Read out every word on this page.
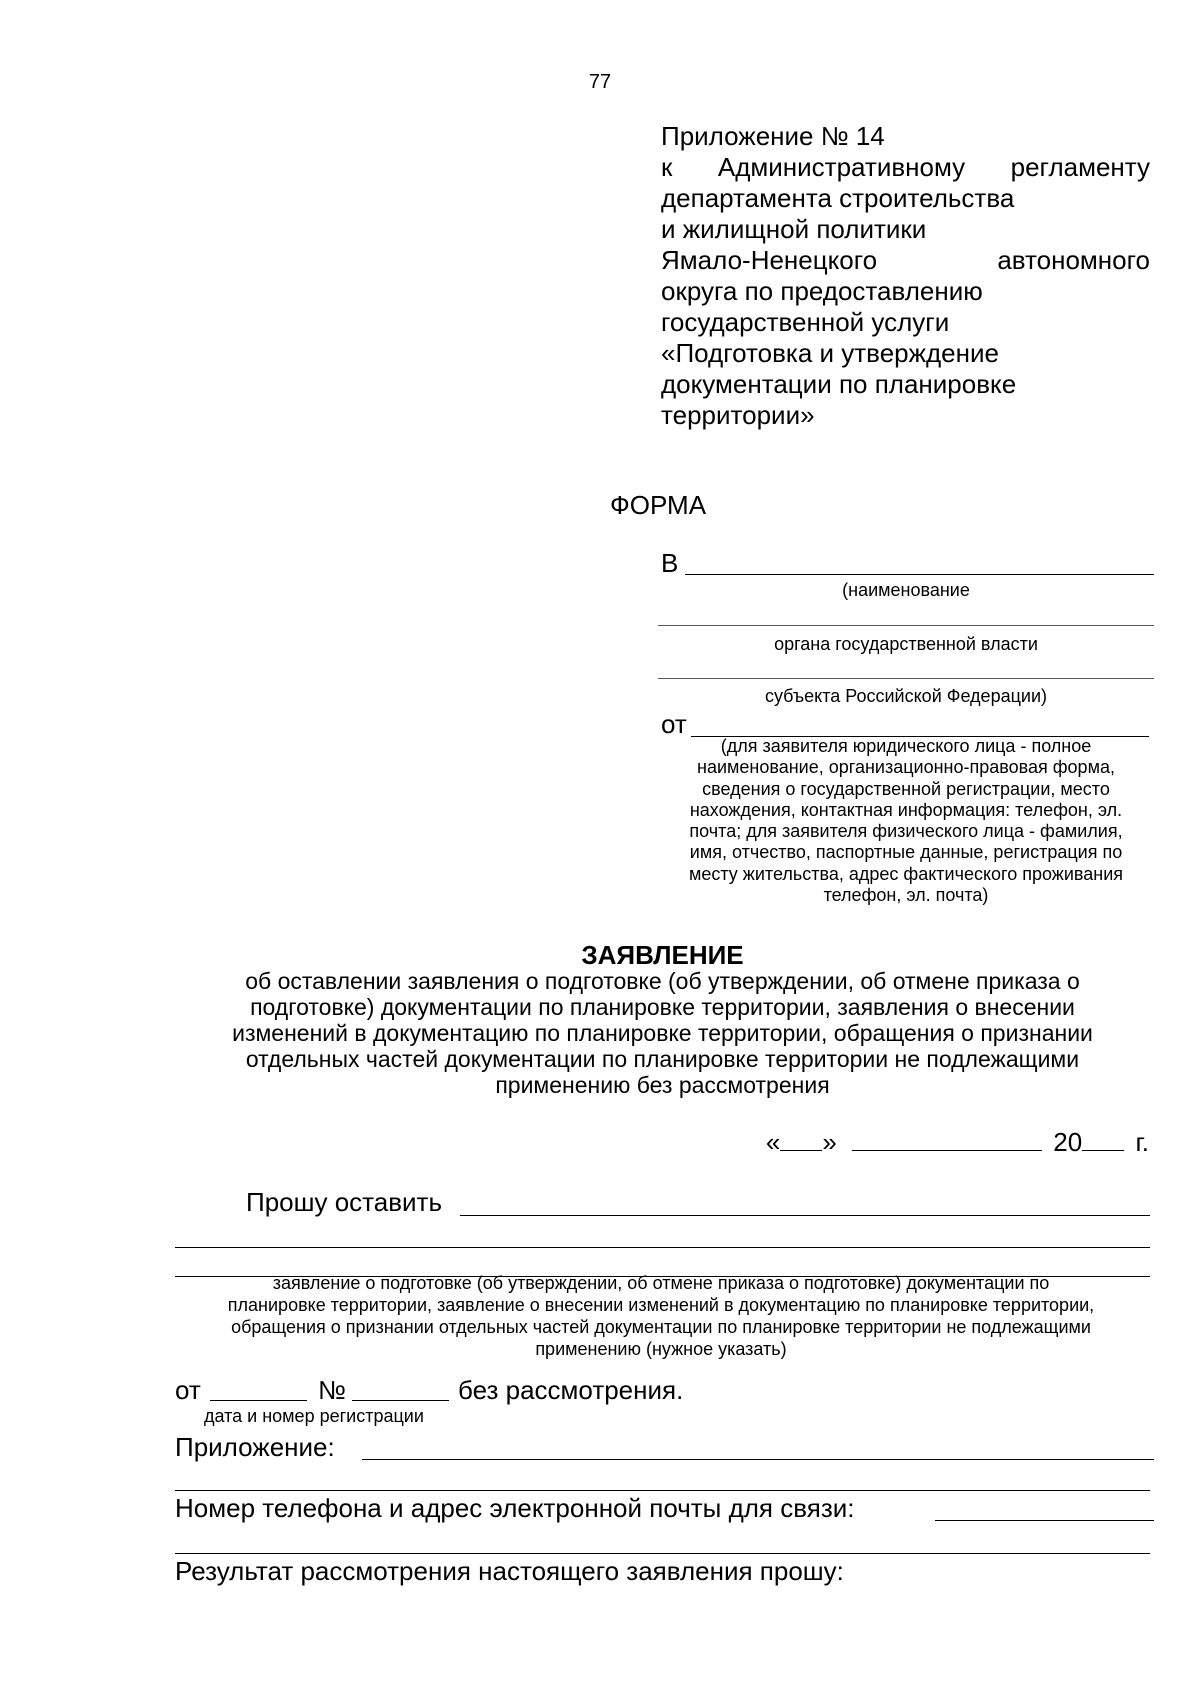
77
Приложение № 14
к Административному регламенту
департамента строительства
и жилищной политики
Ямало-Ненецкого автономного
округа по предоставлению
государственной услуги
«Подготовка и утверждение
документации по планировке
территории»
ФОРМА
В
(наименование
органа государственной власти
субъекта Российской Федерации)
от
(для заявителя юридического лица - полное
наименование, организационно-правовая форма,
сведения о государственной регистрации, место
нахождения, контактная информация: телефон, эл.
почта; для заявителя физического лица - фамилия,
имя, отчество, паспортные данные, регистрация по
месту жительства, адрес фактического проживания
телефон, эл. почта)
ЗАЯВЛЕНИЕ
об оставлении заявления о подготовке (об утверждении, об отмене приказа о
подготовке) документации по планировке территории, заявления о внесении
изменений в документацию по планировке территории, обращения о признании
отдельных частей документации по планировке территории не подлежащими
применению без рассмотрения
« »	20 г.
Прошу оставить
заявление о подготовке (об утверждении, об отмене приказа о подготовке) документации по
планировке территории, заявление о внесении изменений в документацию по планировке территории,
обращения о признании отдельных частей документации по планировке территории не подлежащими
применению (нужное указать)
от	№	без рассмотрения.
дата и номер регистрации
Приложение:
Номер телефона и адрес электронной почты для связи:
Результат рассмотрения настоящего заявления прошу:
